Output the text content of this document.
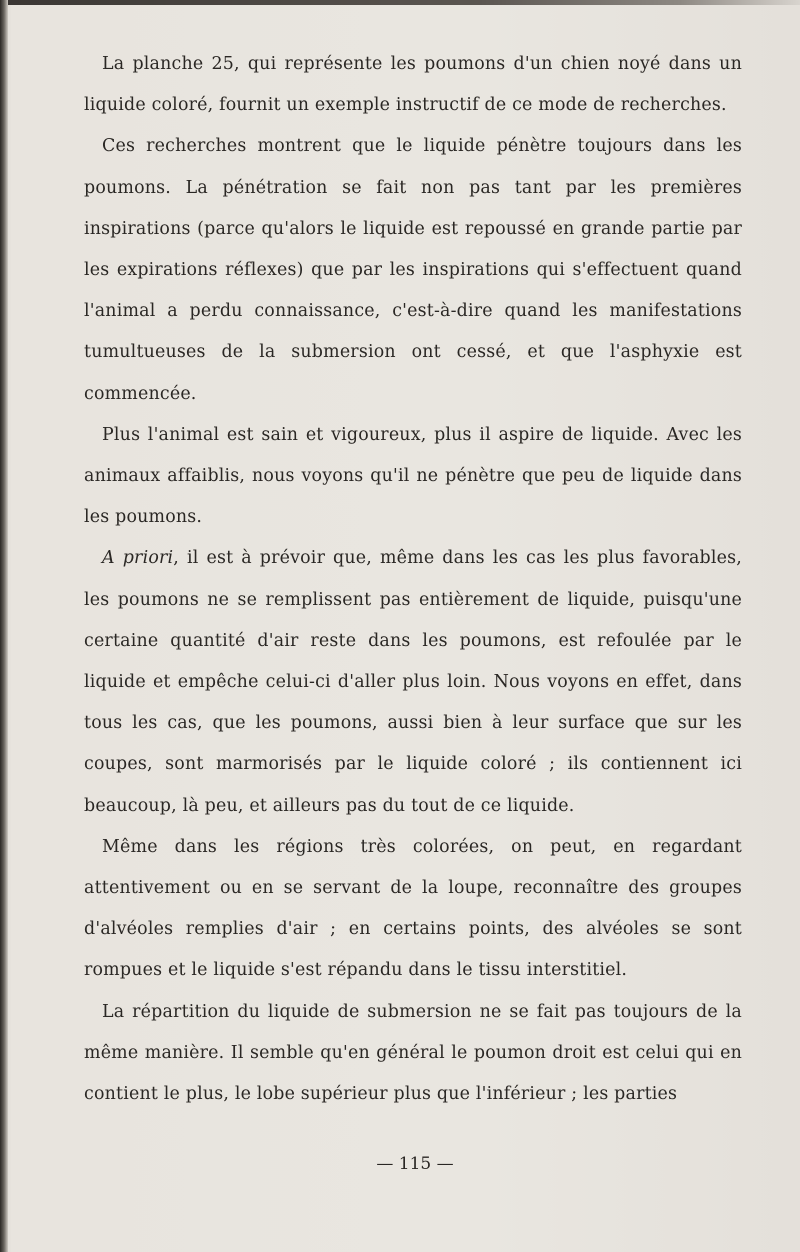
La planche 25, qui représente les poumons d'un chien noyé dans un liquide coloré, fournit un exemple instructif de ce mode de recherches.

Ces recherches montrent que le liquide pénètre toujours dans les poumons. La pénétration se fait non pas tant par les premières inspirations (parce qu'alors le liquide est repoussé en grande partie par les expirations réflexes) que par les inspirations qui s'effectuent quand l'animal a perdu connaissance, c'est-à-dire quand les manifestations tumultueuses de la submersion ont cessé, et que l'asphyxie est commencée.

Plus l'animal est sain et vigoureux, plus il aspire de liquide. Avec les animaux affaiblis, nous voyons qu'il ne pénètre que peu de liquide dans les poumons.

A priori, il est à prévoir que, même dans les cas les plus favorables, les poumons ne se remplissent pas entièrement de liquide, puisqu'une certaine quantité d'air reste dans les poumons, est refoulée par le liquide et empêche celui-ci d'aller plus loin. Nous voyons en effet, dans tous les cas, que les poumons, aussi bien à leur surface que sur les coupes, sont marmorisés par le liquide coloré ; ils contiennent ici beaucoup, là peu, et ailleurs pas du tout de ce liquide.

Même dans les régions très colorées, on peut, en regardant attentivement ou en se servant de la loupe, reconnaître des groupes d'alvéoles remplies d'air ; en certains points, des alvéoles se sont rompues et le liquide s'est répandu dans le tissu interstitiel.

La répartition du liquide de submersion ne se fait pas toujours de la même manière. Il semble qu'en général le poumon droit est celui qui en contient le plus, le lobe supérieur plus que l'inférieur ; les parties

— 115 —
